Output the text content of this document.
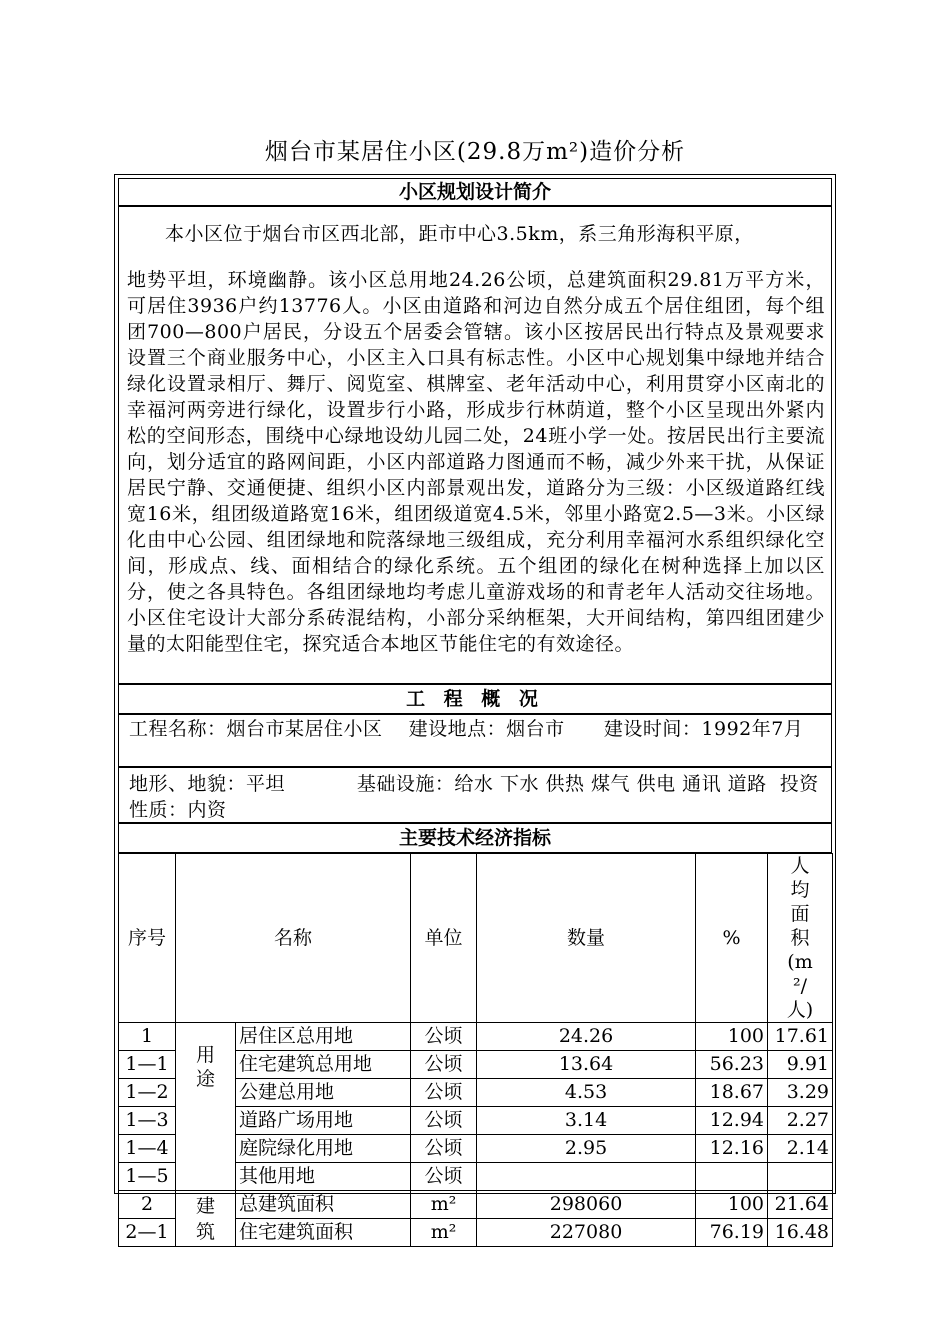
烟台市某居住小区(29.8万m²)造价分析
小区规划设计简介
本小区位于烟台市区西北部，距市中心3.5km，系三角形海积平原，
地势平坦，环境幽静。该小区总用地24.26公顷，总建筑面积29.81万平方米，可居住3936户约13776人。小区由道路和河边自然分成五个居住组团，每个组团700—800户居民，分设五个居委会管辖。该小区按居民出行特点及景观要求设置三个商业服务中心，小区主入口具有标志性。小区中心规划集中绿地并结合绿化设置录相厅、舞厅、阅览室、棋牌室、老年活动中心，利用贯穿小区南北的幸福河两旁进行绿化，设置步行小路，形成步行林荫道，整个小区呈现出外紧内松的空间形态，围绕中心绿地设幼儿园二处，24班小学一处。按居民出行主要流向，划分适宜的路网间距，小区内部道路力图通而不畅，减少外来干扰，从保证居民宁静、交通便捷、组织小区内部景观出发，道路分为三级：小区级道路红线宽16米，组团级道路宽16米，组团级道宽4.5米，邻里小路宽2.5—3米。小区绿化由中心公园、组团绿地和院落绿地三级组成，充分利用幸福河水系组织绿化空间，形成点、线、面相结合的绿化系统。五个组团的绿化在树种选择上加以区分，使之各具特色。各组团绿地均考虑儿童游戏场的和青老年人活动交往场地。小区住宅设计大部分系砖混结构，小部分采纳框架，大开间结构，第四组团建少量的太阳能型住宅，探究适合本地区节能住宅的有效途径。
工 程 概 况
工程名称：烟台市某居住小区    建设地点：烟台市      建设时间：1992年7月
地形、地貌：平坦           基础设施：给水 下水 供热 煤气 供电 通讯 道路  投资性质：内资
主要技术经济指标
序号	名称		单位	数量	%	人均面积(m²/人)

1	用途	居住区总用地	公顷	24.26	100	17.61
1—1		住宅建筑总用地	公顷	13.64	56.23	9.91
1—2		公建总用地	公顷	4.53	18.67	3.29
1—3		道路广场用地	公顷	3.14	12.94	2.27
1—4		庭院绿化用地	公顷	2.95	12.16	2.14
1—5		其他用地	公顷			
2	建筑	总建筑面积	m²	298060	100	21.64
2—1		住宅建筑面积	m²	227080	76.19	16.48
